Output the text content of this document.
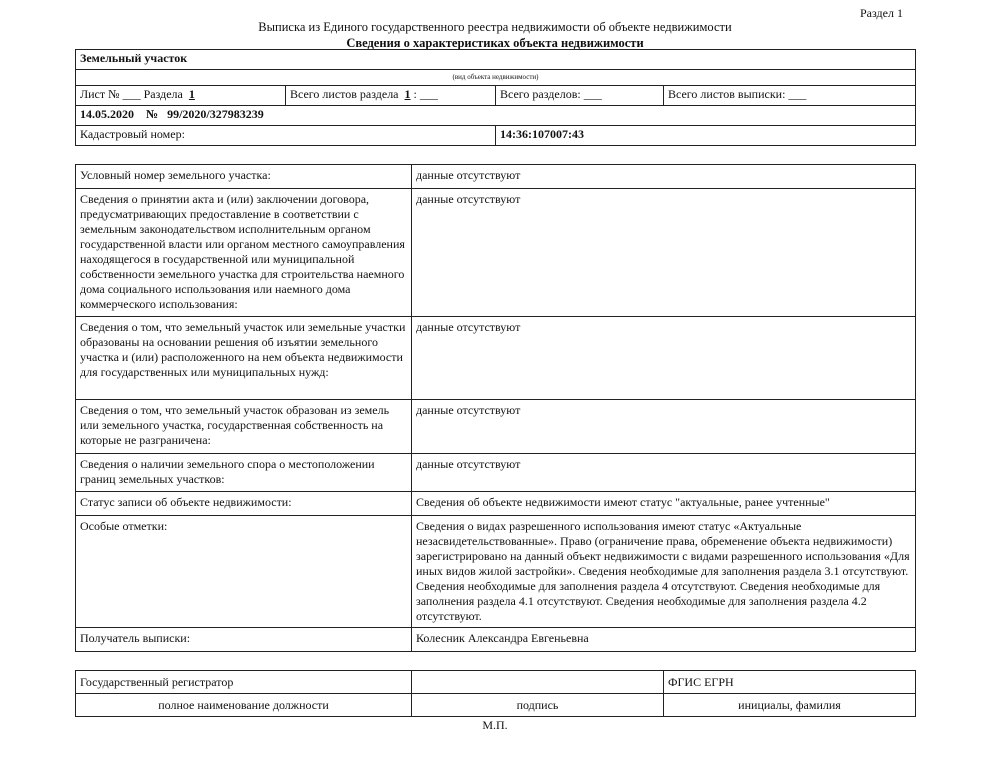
Раздел 1
Выписка из Единого государственного реестра недвижимости об объекте недвижимости
Сведения о характеристиках объекта недвижимости
Земельный участок			
(вид объекта недвижимости)			
Лист № ___ Раздела 1	Всего листов раздела 1 : ___	Всего разделов: ___	Всего листов выписки: ___
14.05.2020 № 99/2020/327983239			
Кадастровый номер:		14:36:107007:43	
Условный номер земельного участка:	данные отсутствуют
Сведения о принятии акта и (или) заключении договора, предусматривающих предоставление в соответствии с земельным законодательством исполнительным органом государственной власти или органом местного самоуправления находящегося в государственной или муниципальной собственности земельного участка для строительства наемного дома социального использования или наемного дома коммерческого использования:	данные отсутствуют
Сведения о том, что земельный участок или земельные участки образованы на основании решения об изъятии земельного участка и (или) расположенного на нем объекта недвижимости для государственных или муниципальных нужд:	данные отсутствуют
Сведения о том, что земельный участок образован из земель или земельного участка, государственная собственность на которые не разграничена:	данные отсутствуют
Сведения о наличии земельного спора о местоположении границ земельных участков:	данные отсутствуют
Статус записи об объекте недвижимости:	Сведения об объекте недвижимости имеют статус "актуальные, ранее учтенные"
Особые отметки:	Сведения о видах разрешенного использования имеют статус «Актуальные незасвидетельствованные». Право (ограничение права, обременение объекта недвижимости) зарегистрировано на данный объект недвижимости с видами разрешенного использования «Для иных видов жилой застройки». Сведения необходимые для заполнения раздела 3.1 отсутствуют. Сведения необходимые для заполнения раздела 4 отсутствуют. Сведения необходимые для заполнения раздела 4.1 отсутствуют. Сведения необходимые для заполнения раздела 4.2 отсутствуют.
Получатель выписки:	Колесник Александра Евгеньевна
Государственный регистратор		ФГИС ЕГРН
полное наименование должности	подпись	инициалы, фамилия
М.П.
